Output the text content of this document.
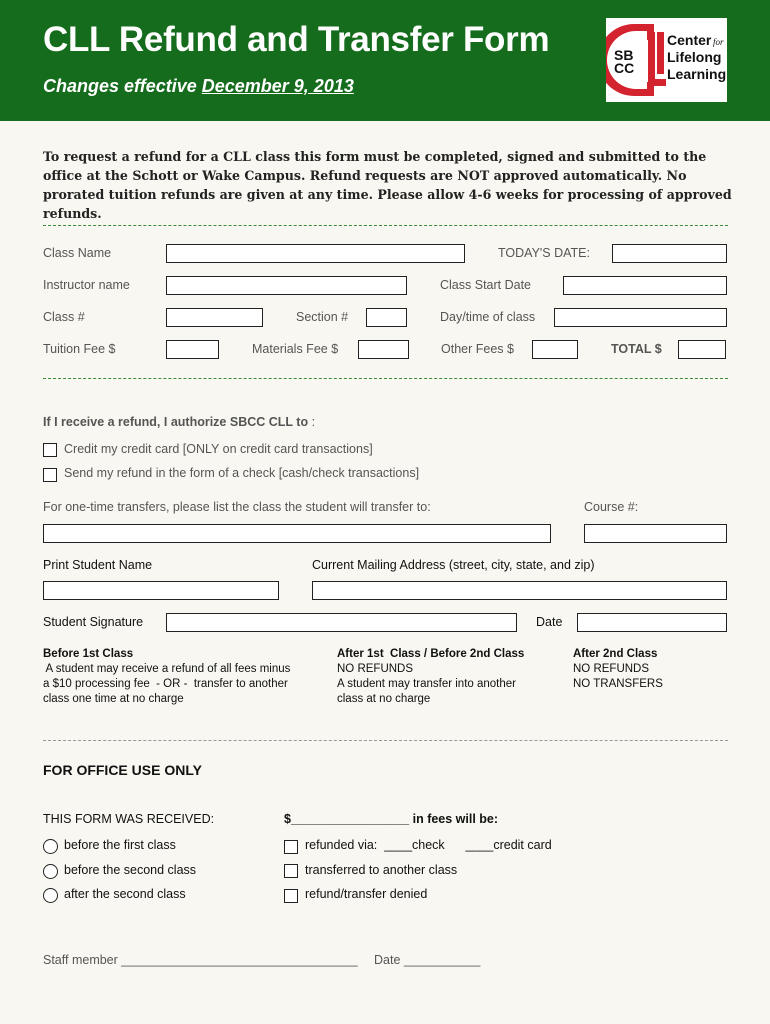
CLL Refund and Transfer Form
Changes effective December 9, 2013
SB
CC
Center for
Lifelong
Learning
To request a refund for a CLL class this form must be completed, signed and submitted to the office at the Schott or Wake Campus. Refund requests are NOT approved automatically. No prorated tuition refunds are given at any time. Please allow 4-6 weeks for processing of approved refunds.
Class Name	TODAY'S DATE:
Instructor name	Class Start Date
Class #	Section #	Day/time of class
Tuition Fee $	Materials Fee $	Other Fees $	TOTAL $
If I receive a refund, I authorize SBCC CLL to :
Credit my credit card [ONLY on credit card transactions]
Send my refund in the form of a check [cash/check transactions]
For one-time transfers, please list the class the student will transfer to:	Course #:
Print Student Name	Current Mailing Address (street, city, state, and zip)
Student Signature	Date
Before 1st Class
A student may receive a refund of all fees minus
a $10 processing fee  - OR -  transfer to another
class one time at no charge
After 1st  Class / Before 2nd Class
NO REFUNDS
A student may transfer into another
class at no charge
After 2nd Class
NO REFUNDS
NO TRANSFERS
FOR OFFICE USE ONLY
THIS FORM WAS RECEIVED:	$_________________ in fees will be:
before the first class
before the second class
after the second class
refunded via:  ____check      ____credit card
transferred to another class
refund/transfer denied
Staff member __________________________________ Date ___________
